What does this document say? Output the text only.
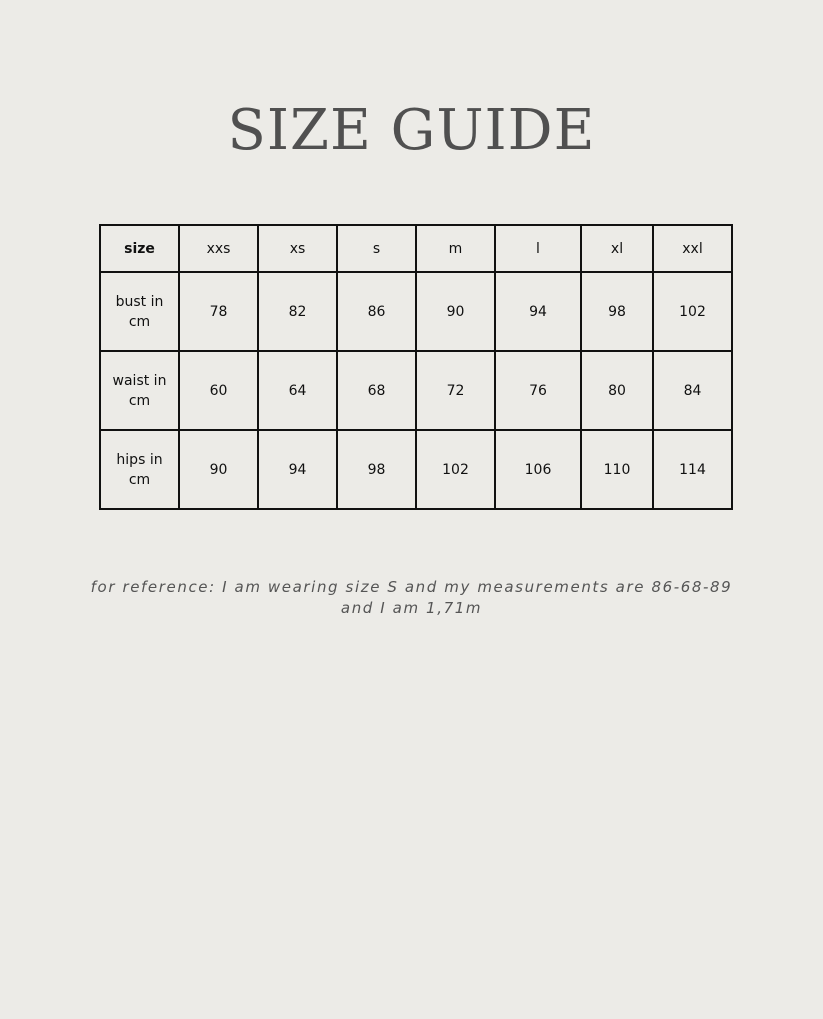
SIZE GUIDE
size	xxs	xs	s	m	l	xl	xxl
bust in cm	78	82	86	90	94	98	102
waist in cm	60	64	68	72	76	80	84
hips in cm	90	94	98	102	106	110	114

for reference: I am wearing size S and my measurements are 86-68-89 and I am 1,71m
